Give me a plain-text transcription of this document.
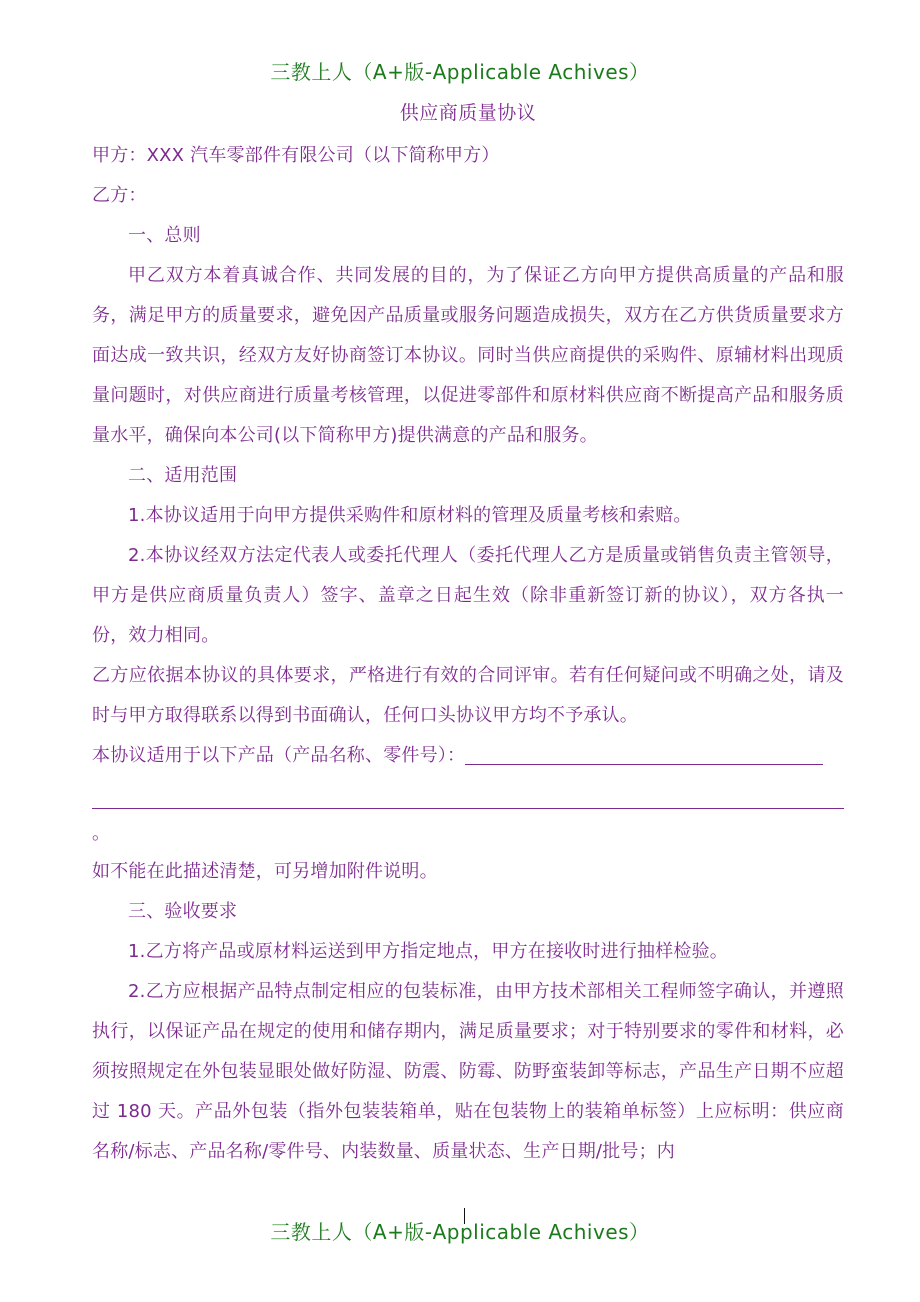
三教上人（A+版-Applicable Achives）
供应商质量协议

甲方：XXX 汽车零部件有限公司（以下简称甲方）

乙方：

一、总则

甲乙双方本着真诚合作、共同发展的目的，为了保证乙方向甲方提供高质量的产品和服务，满足甲方的质量要求，避免因产品质量或服务问题造成损失，双方在乙方供货质量要求方面达成一致共识，经双方友好协商签订本协议。同时当供应商提供的采购件、原辅材料出现质量问题时，对供应商进行质量考核管理，以促进零部件和原材料供应商不断提高产品和服务质量水平，确保向本公司(以下简称甲方)提供满意的产品和服务。

二、适用范围

1.本协议适用于向甲方提供采购件和原材料的管理及质量考核和索赔。

2.本协议经双方法定代表人或委托代理人（委托代理人乙方是质量或销售负责主管领导，甲方是供应商质量负责人）签字、盖章之日起生效（除非重新签订新的协议），双方各执一份，效力相同。

乙方应依据本协议的具体要求，严格进行有效的合同评审。若有任何疑问或不明确之处，请及时与甲方取得联系以得到书面确认，任何口头协议甲方均不予承认。

本协议适用于以下产品（产品名称、零件号）：

。

如不能在此描述清楚，可另增加附件说明。

三、验收要求

1.乙方将产品或原材料运送到甲方指定地点，甲方在接收时进行抽样检验。

2.乙方应根据产品特点制定相应的包装标准，由甲方技术部相关工程师签字确认，并遵照执行，以保证产品在规定的使用和储存期内，满足质量要求；对于特别要求的零件和材料，必须按照规定在外包装显眼处做好防湿、防震、防霉、防野蛮装卸等标志，产品生产日期不应超过 180 天。产品外包装（指外包装装箱单，贴在包装物上的装箱单标签）上应标明：供应商名称/标志、产品名称/零件号、内装数量、质量状态、生产日期/批号；内

三教上人（A+版-Applicable Achives）
